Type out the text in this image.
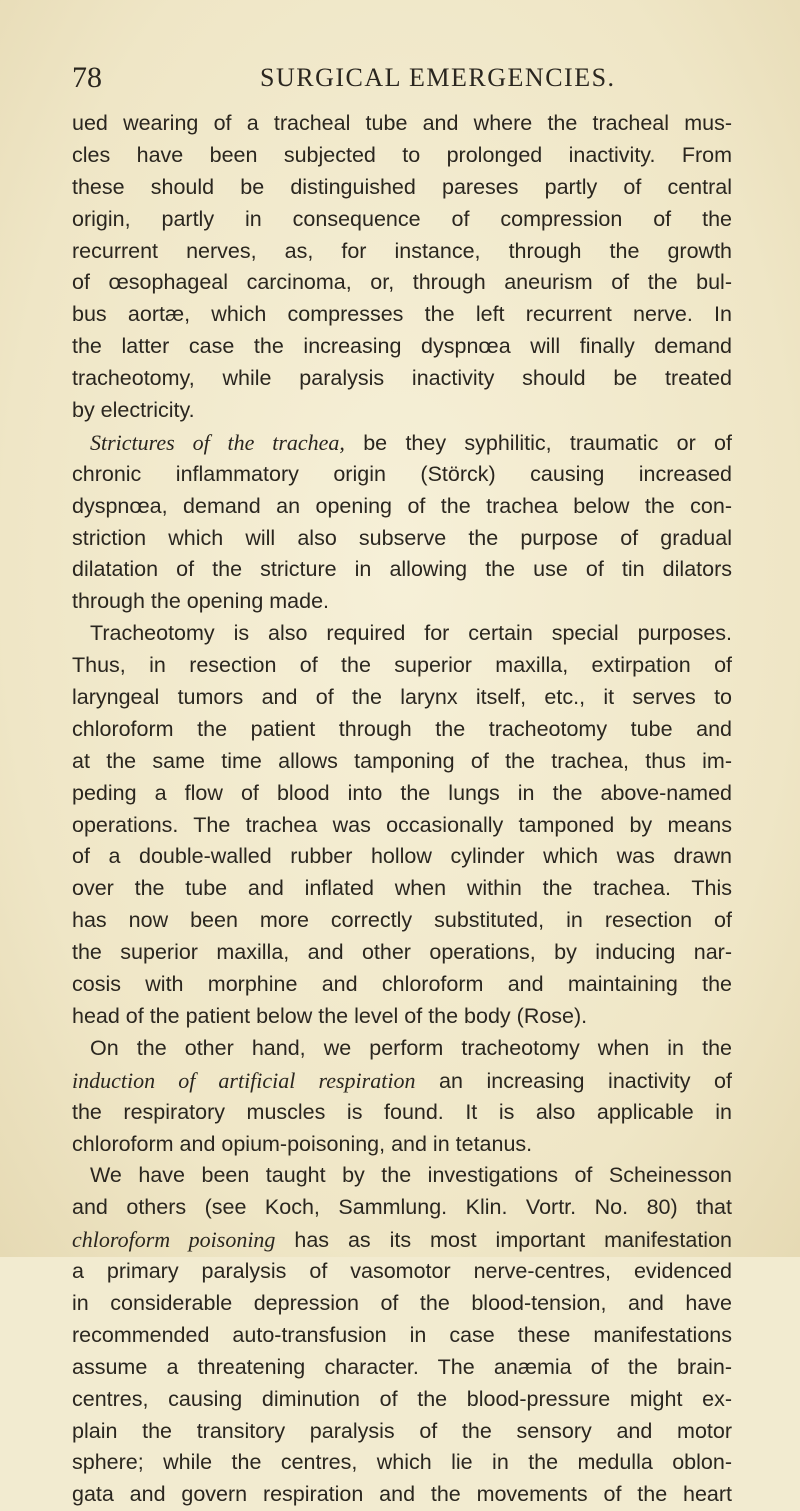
78	SURGICAL EMERGENCIES.
ued wearing of a tracheal tube and where the tracheal mus-
cles have been subjected to prolonged inactivity. From
these should be distinguished pareses partly of central
origin, partly in consequence of compression of the
recurrent nerves, as, for instance, through the growth
of œsophageal carcinoma, or, through aneurism of the bul-
bus aortæ, which compresses the left recurrent nerve. In
the latter case the increasing dyspnœa will finally demand
tracheotomy, while paralysis inactivity should be treated
by electricity.
Strictures of the trachea, be they syphilitic, traumatic or of
chronic inflammatory origin (Störck) causing increased
dyspnœa, demand an opening of the trachea below the con-
striction which will also subserve the purpose of gradual
dilatation of the stricture in allowing the use of tin dilators
through the opening made.
Tracheotomy is also required for certain special purposes.
Thus, in resection of the superior maxilla, extirpation of
laryngeal tumors and of the larynx itself, etc., it serves to
chloroform the patient through the tracheotomy tube and
at the same time allows tamponing of the trachea, thus im-
peding a flow of blood into the lungs in the above-named
operations. The trachea was occasionally tamponed by means
of a double-walled rubber hollow cylinder which was drawn
over the tube and inflated when within the trachea. This
has now been more correctly substituted, in resection of
the superior maxilla, and other operations, by inducing nar-
cosis with morphine and chloroform and maintaining the
head of the patient below the level of the body (Rose).
On the other hand, we perform tracheotomy when in the
induction of artificial respiration an increasing inactivity of
the respiratory muscles is found. It is also applicable in
chloroform and opium-poisoning, and in tetanus.
We have been taught by the investigations of Scheinesson
and others (see Koch, Sammlung. Klin. Vortr. No. 80) that
chloroform poisoning has as its most important manifestation
a primary paralysis of vasomotor nerve-centres, evidenced
in considerable depression of the blood-tension, and have
recommended auto-transfusion in case these manifestations
assume a threatening character. The anæmia of the brain-
centres, causing diminution of the blood-pressure might ex-
plain the transitory paralysis of the sensory and motor
sphere; while the centres, which lie in the medulla oblon-
gata and govern respiration and the movements of the heart
